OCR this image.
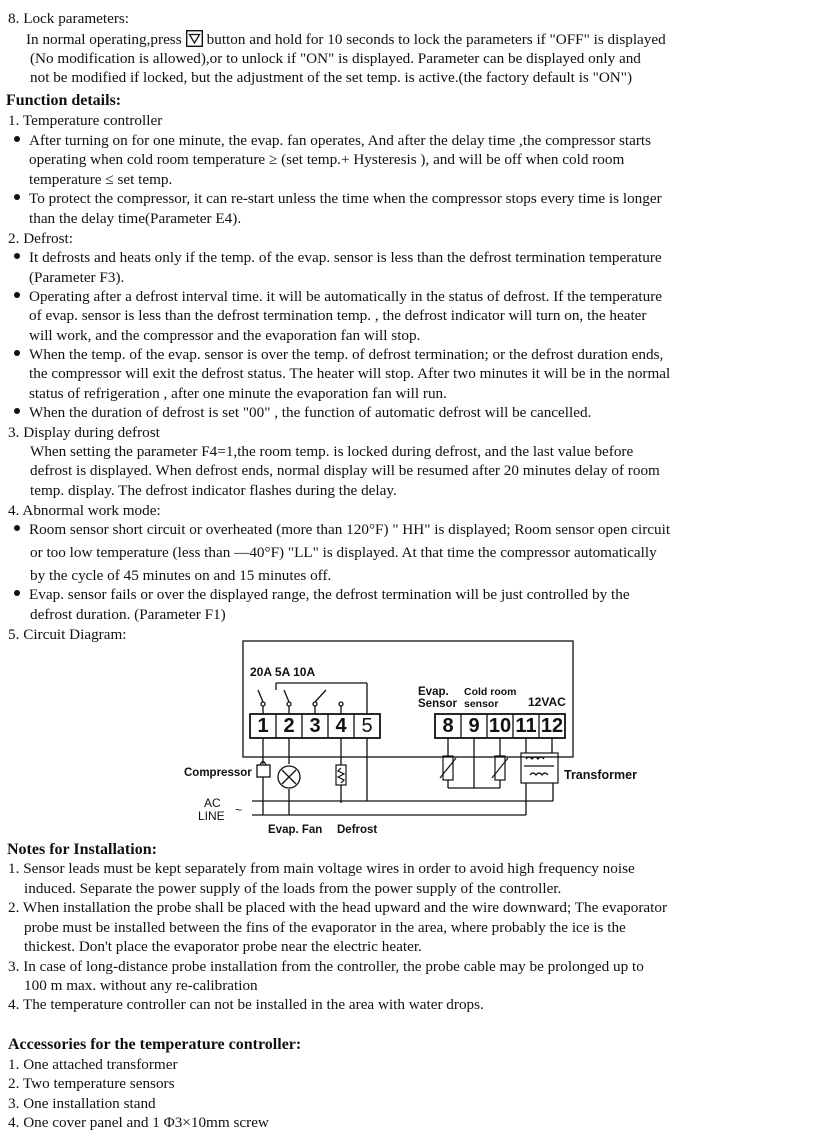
8. Lock parameters:
In normal operating,press button and hold for 10 seconds to lock the parameters if "OFF" is displayed
(No modification is allowed),or to unlock if "ON" is displayed. Parameter can be displayed only and
not be modified if locked, but the adjustment of the set temp. is active.(the factory default is "ON")
Function details:
1. Temperature controller
After turning on for one minute, the evap. fan operates, And after the delay time ,the compressor starts
operating when cold room temperature ≥ (set temp.+ Hysteresis ), and will be off when cold room
temperature ≤ set temp.
To protect the compressor, it can re-start unless the time when the compressor stops every time is longer
than the delay time(Parameter E4).
2. Defrost:
It defrosts and heats only if the temp. of the evap. sensor is less than the defrost termination temperature
(Parameter F3).
Operating after a defrost interval time. it will be automatically in the status of defrost. If the temperature
of evap. sensor is less than the defrost termination temp. , the defrost indicator will turn on, the heater
will work, and the compressor and the evaporation fan will stop.
When the temp. of the evap. sensor is over the temp. of defrost termination; or the defrost duration ends,
the compressor will exit the defrost status. The heater will stop. After two minutes it will be in the normal
status of refrigeration , after one minute the evaporation fan will run.
When the duration of defrost is set "00" , the function of automatic defrost will be cancelled.
3. Display during defrost
When setting the parameter F4=1,the room temp. is locked during defrost, and the last value before
defrost is displayed. When defrost ends, normal display will be resumed after 20 minutes delay of room
temp. display. The defrost indicator flashes during the delay.
4. Abnormal work mode:
Room sensor short circuit or overheated (more than 120°F) " HH" is displayed; Room sensor open circuit
or too low temperature (less than —40°F) "LL" is displayed. At that time the compressor automatically
by the cycle of 45 minutes on and 15 minutes off.
Evap. sensor fails or over the displayed range, the defrost termination will be just controlled by the
defrost duration. (Parameter F1)
5. Circuit Diagram:
20A 5A 10A
Evap.
Sensor
Cold room
sensor	12VAC
1 2 3 4 5	8 9 10 11 12
Compressor	Transformer
AC
LINE ~
Evap. Fan Defrost
Notes for Installation:
1. Sensor leads must be kept separately from main voltage wires in order to avoid high frequency noise
induced. Separate the power supply of the loads from the power supply of the controller.
2. When installation the probe shall be placed with the head upward and the wire downward; The evaporator
probe must be installed between the fins of the evaporator in the area, where probably the ice is the
thickest. Don't place the evaporator probe near the electric heater.
3. In case of long-distance probe installation from the controller, the probe cable may be prolonged up to
100 m max. without any re-calibration
4. The temperature controller can not be installed in the area with water drops.
Accessories for the temperature controller:
1. One attached transformer
2. Two temperature sensors
3. One installation stand
4. One cover panel and 1 Φ3×10mm screw
